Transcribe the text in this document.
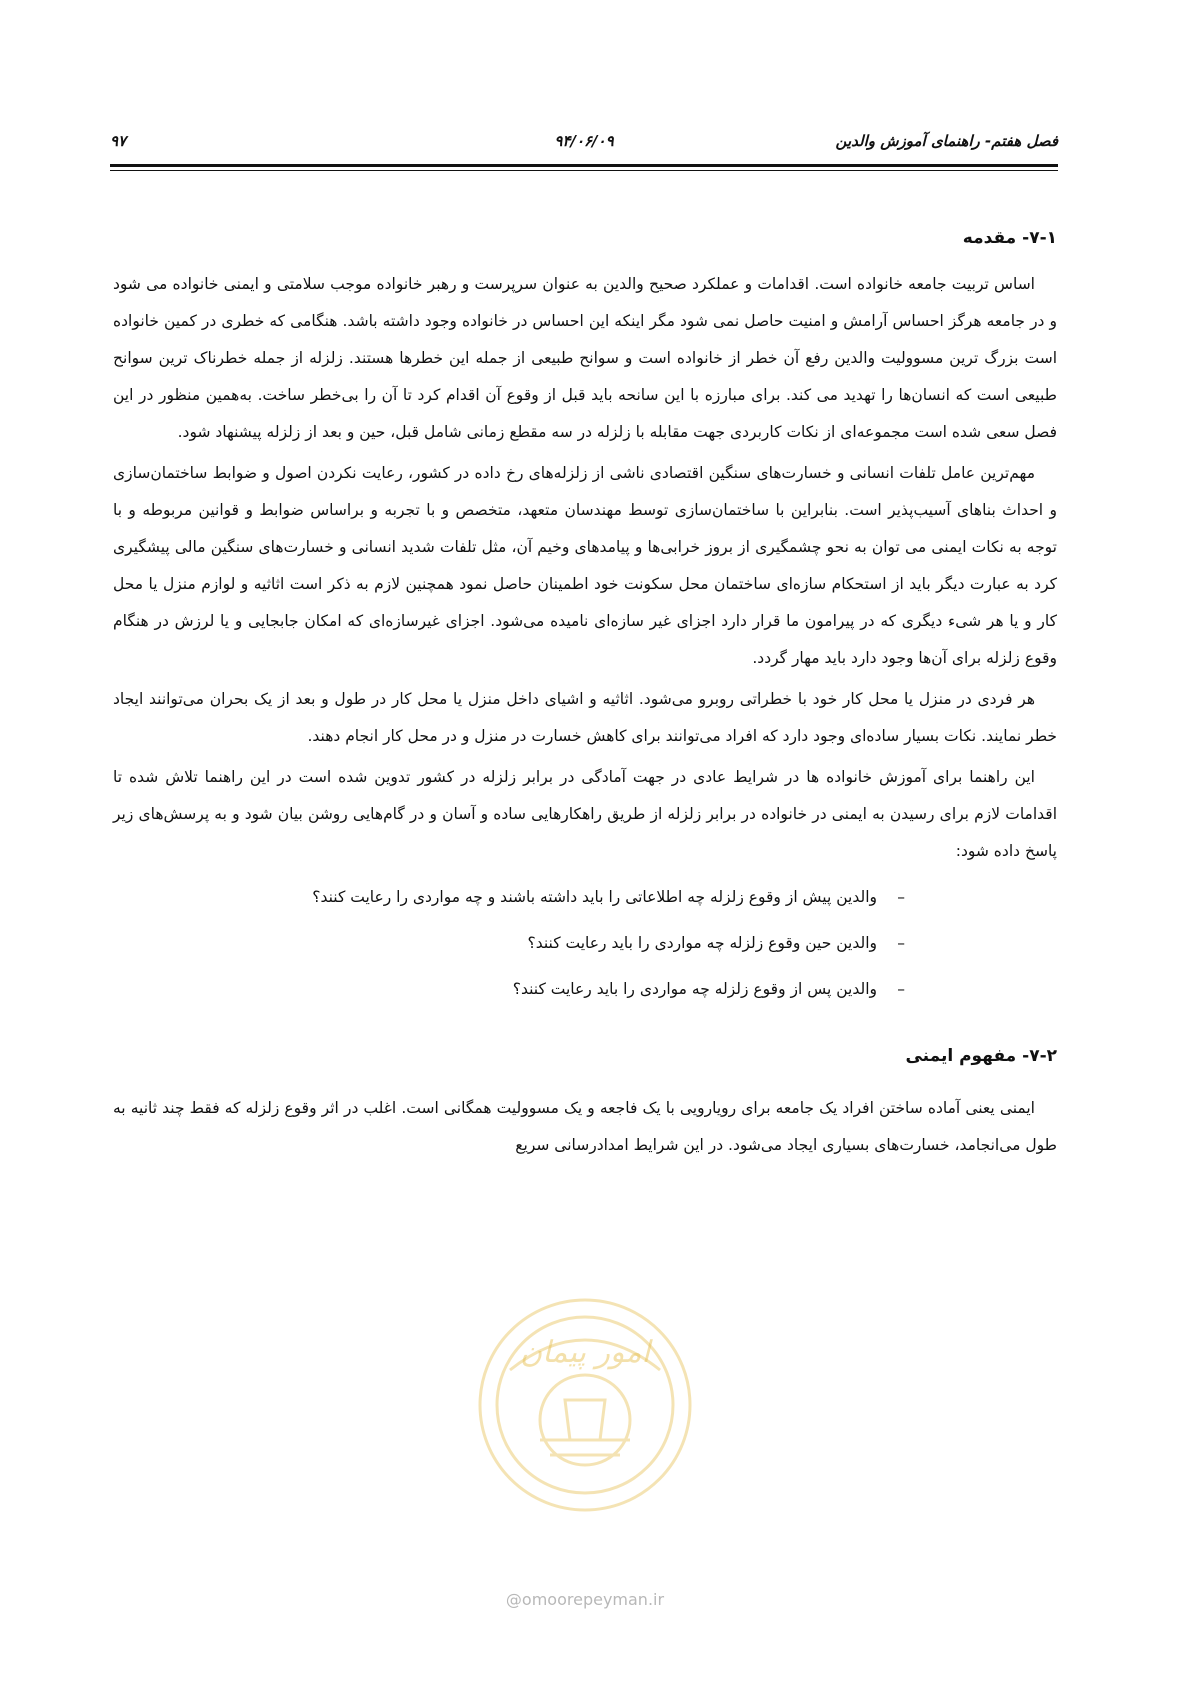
فصل هفتم- راهنمای آموزش والدین
۹۴/۰۶/۰۹
۹۷
۷-۱- مقدمه

اساس تربیت جامعه خانواده است. اقدامات و عملکرد صحیح والدین به عنوان سرپرست و رهبر خانواده موجب سلامتی و ایمنی خانواده می شود و در جامعه هرگز احساس آرامش و امنیت حاصل نمی شود مگر اینکه این احساس در خانواده وجود داشته باشد. هنگامی که خطری در کمین خانواده است بزرگ ترین مسوولیت والدین رفع آن خطر از خانواده است و سوانح طبیعی از جمله این خطرها هستند. زلزله از جمله خطرناک ترین سوانح طبیعی است که انسان‌ها را تهدید می کند. برای مبارزه با این سانحه باید قبل از وقوع آن اقدام کرد تا آن را بی‌خطر ساخت. به‌همین منظور در این فصل سعی شده است مجموعه‌ای از نکات کاربردی جهت مقابله با زلزله در سه مقطع زمانی شامل قبل، حین و بعد از زلزله پیشنهاد شود.

مهم‌ترین عامل تلفات انسانی و خسارت‌های سنگین اقتصادی ناشی از زلزله‌های رخ داده در کشور، رعایت نکردن اصول و ضوابط ساختمان‌سازی و احداث بناهای آسیب‌پذیر است. بنابراین با ساختمان‌سازی توسط مهندسان متعهد، متخصص و با تجربه و براساس ضوابط و قوانین مربوطه و با توجه به نکات ایمنی می توان به نحو چشمگیری از بروز خرابی‌ها و پیامدهای وخیم آن، مثل تلفات شدید انسانی و خسارت‌های سنگین مالی پیشگیری کرد به عبارت دیگر باید از استحکام سازه‌ای ساختمان محل سکونت خود اطمینان حاصل نمود همچنین لازم به ذکر است اثاثیه و لوازم منزل یا محل کار و یا هر شیء دیگری که در پیرامون ما قرار دارد اجزای غیر سازه‌ای نامیده می‌شود. اجزای غیرسازه‌ای که امکان جابجایی و یا لرزش در هنگام وقوع زلزله برای آن‌ها وجود دارد باید مهار گردد.

هر فردی در منزل یا محل کار خود با خطراتی روبرو می‌شود. اثاثیه و اشیای داخل منزل یا محل کار در طول و بعد از یک بحران می‌توانند ایجاد خطر نمایند. نکات بسیار ساده‌ای وجود دارد که افراد می‌توانند برای کاهش خسارت در منزل و در محل کار انجام دهند.

این راهنما برای آموزش خانواده ها در شرایط عادی در جهت آمادگی در برابر زلزله در کشور تدوین شده است در این راهنما تلاش شده تا اقدامات لازم برای رسیدن به ایمنی در خانواده در برابر زلزله از طریق راهکارهایی ساده و آسان و در گام‌هایی روشن بیان شود و به پرسش‌های زیر پاسخ داده شود:

–والدین پیش از وقوع زلزله چه اطلاعاتی را باید داشته باشند و چه مواردی را رعایت کنند؟
–والدین حین وقوع زلزله چه مواردی را باید رعایت کنند؟
–والدین پس از وقوع زلزله چه مواردی را باید رعایت کنند؟
۷-۲- مفهوم ایمنی

ایمنی یعنی آماده ساختن افراد یک جامعه برای رویارویی با یک فاجعه و یک مسوولیت همگانی است. اغلب در اثر وقوع زلزله که فقط چند ثانیه به طول می‌انجامد، خسارت‌های بسیاری ایجاد می‌شود. در این شرایط امدادرسانی سریع

امور پیمان
@omoorepeyman.ir
